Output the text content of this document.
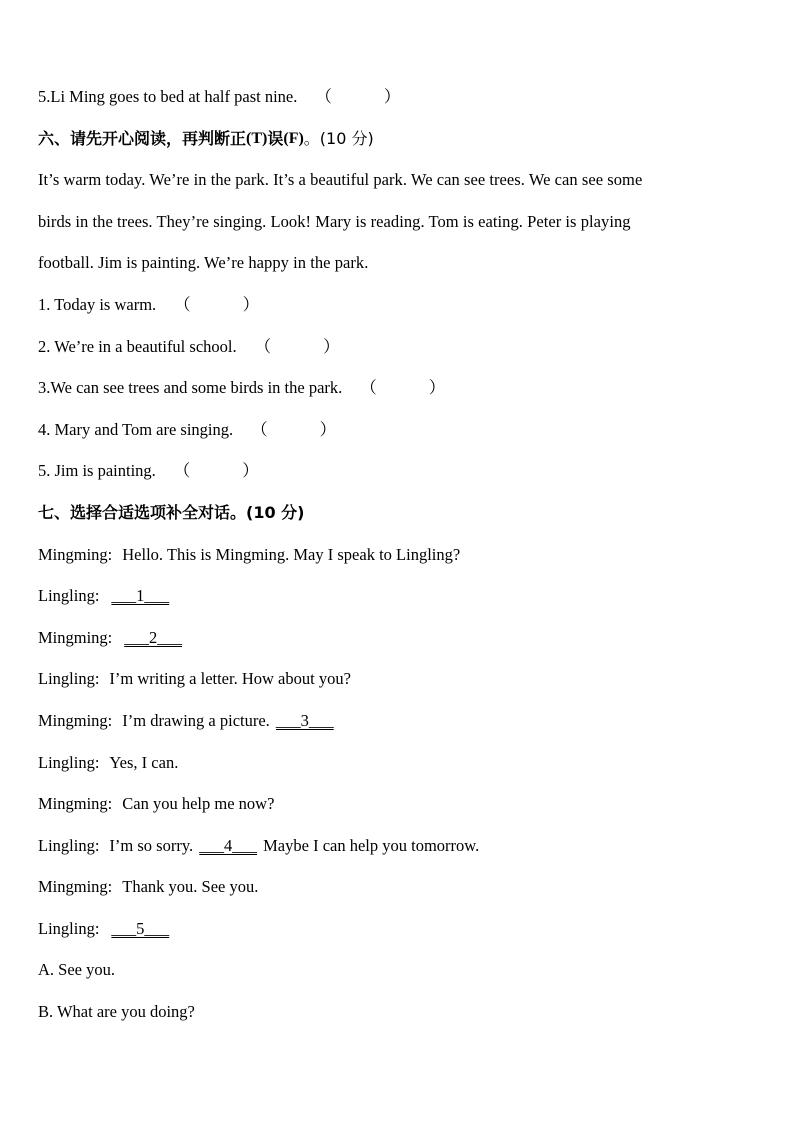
5.Li Ming goes to bed at half past nine. （	）
六、请先开心阅读，再判断正 (T) 误 (F) 。(10 分)
It’s warm today. We’re in the park. It’s a beautiful park. We can see trees. We can see some
birds in the trees. They’re singing. Look! Mary is reading. Tom is eating. Peter is playing
football. Jim is painting. We’re happy in the park.
1. Today is warm. （	）
2. We’re in a beautiful school. （	）
3.We can see trees and some birds in the park. （	）
4. Mary and Tom are singing. （	）
5. Jim is painting. （	）
七、选择合适选项补全对话。(10 分)
Mingming: Hello. This is Mingming. May I speak to Lingling?
Lingling: ___1___
Mingming: ___2___
Lingling: I’m writing a letter. How about you?
Mingming: I’m drawing a picture.
___3___
Lingling: Yes, I can.
Mingming: Can you help me now?
Lingling: I’m so sorry.
___4___
Maybe I can help you tomorrow.
Mingming: Thank you. See you.
Lingling: ___5___
A. See you.
B. What are you doing?
